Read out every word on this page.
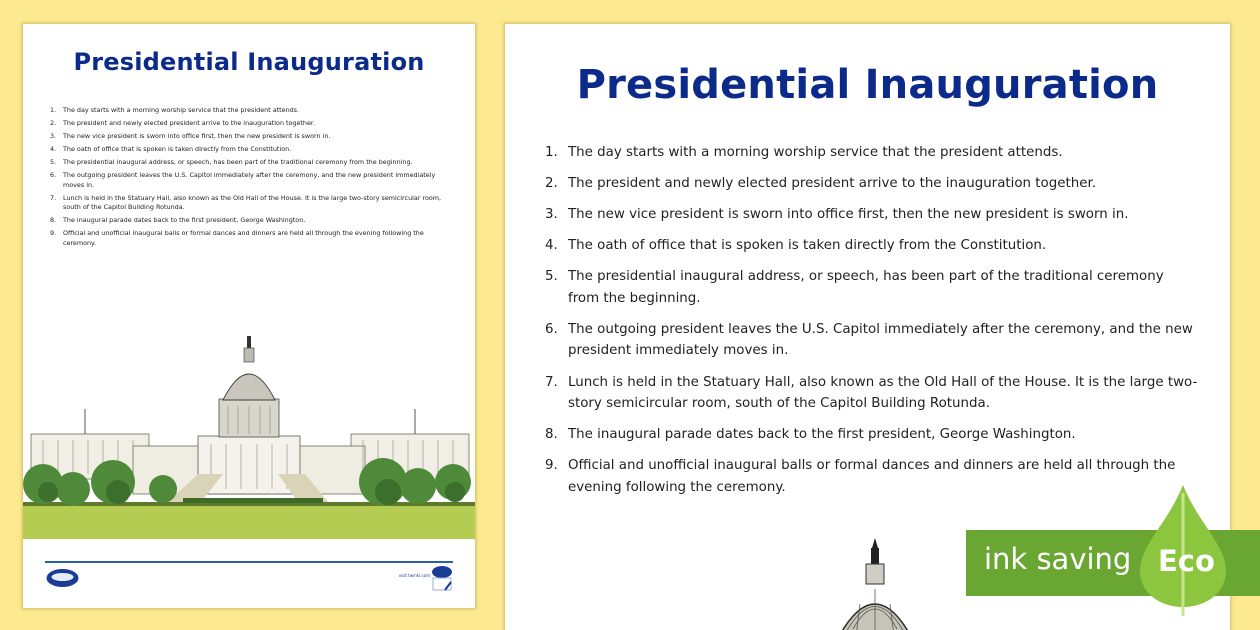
Presidential Inauguration
1.	The day starts with a morning worship service that the president attends.
2.	The president and newly elected president arrive to the inauguration together.
3.	The new vice president is sworn into office first, then the new president is sworn in.
4.	The oath of office that is spoken is taken directly from the Constitution.
5.	The presidential inaugural address, or speech, has been part of the traditional ceremony from the beginning.
6.	The outgoing president leaves the U.S. Capitol immediately after the ceremony, and the new president immediately moves in.
7.	Lunch is held in the Statuary Hall, also known as the Old Hall of the House. It is the large two-story semicircular room, south of the Capitol Building Rotunda.
8.	The inaugural parade dates back to the first president, George Washington.
9.	Official and unofficial inaugural balls or formal dances and dinners are held all through the evening following the ceremony.
visit twinkl.com
Presidential Inauguration
1. The day starts with a morning worship service that the president attends.
2. The president and newly elected president arrive to the inauguration together.
3. The new vice president is sworn into office first, then the new president is sworn in.
4. The oath of office that is spoken is taken directly from the Constitution.
5. The presidential inaugural address, or speech, has been part of the traditional ceremony from the beginning.
6. The outgoing president leaves the U.S. Capitol immediately after the ceremony, and the new president immediately moves in.
7. Lunch is held in the Statuary Hall, also known as the Old Hall of the House. It is the large two-story semicircular room, south of the Capitol Building Rotunda.
8. The inaugural parade dates back to the first president, George Washington.
9. Official and unofficial inaugural balls or formal dances and dinners are held all through the evening following the ceremony.
ink saving Eco
